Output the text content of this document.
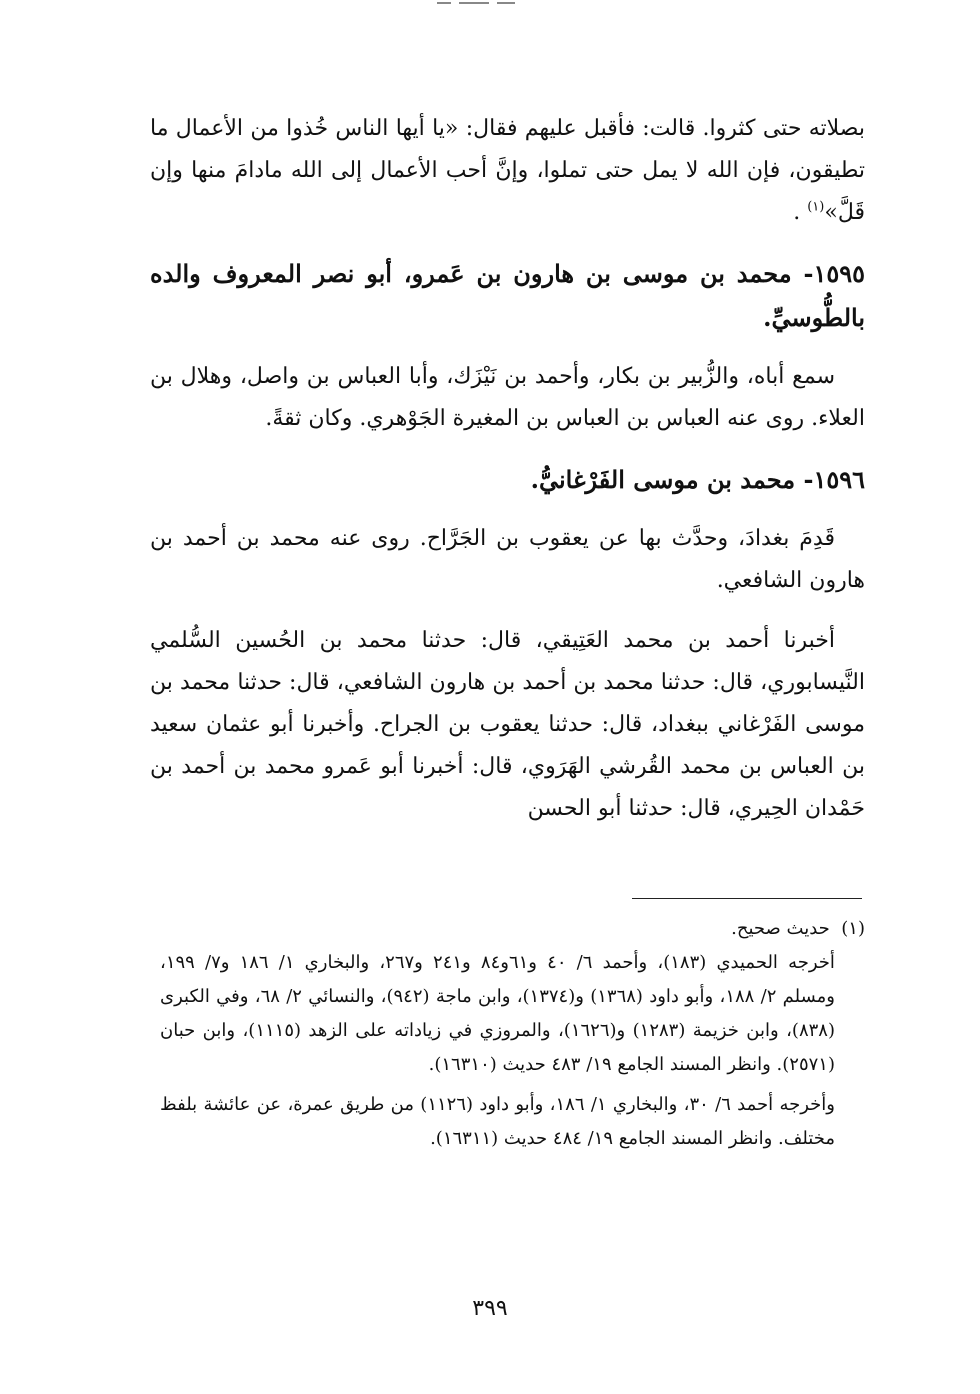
بصلاته حتى كثروا. قالت: فأقبل عليهم فقال: «يا أيها الناس خُذوا من الأعمال ما تطيقون، فإن الله لا يمل حتى تملوا، وإنَّ أحب الأعمال إلى الله مادامَ منها وإن قَلَّ»$^{(١)}$ .

١٥٩٥- محمد بن موسى بن هارون بن عَمرو، أبو نصر المعروف والده بالطُّوسيِّ.

سمع أباه، والزُّبير بن بكار، وأحمد بن نَيْزَك، وأبا العباس بن واصل، وهلال بن العلاء. روى عنه العباس بن العباس بن المغيرة الجَوْهري. وكان ثقةً.

١٥٩٦- محمد بن موسى الفَرْغانيُّ.

قَدِمَ بغدادَ، وحدَّث بها عن يعقوب بن الجَرَّاح. روى عنه محمد بن أحمد بن هارون الشافعي.

أخبرنا أحمد بن محمد العَتِيقي، قال: حدثنا محمد بن الحُسين السُّلمي النَّيسابوري، قال: حدثنا محمد بن أحمد بن هارون الشافعي، قال: حدثنا محمد بن موسى الفَرْغاني ببغداد، قال: حدثنا يعقوب بن الجراح. وأخبرنا أبو عثمان سعيد بن العباس بن محمد القُرشي الهَرَوي، قال: أخبرنا أبو عَمرو محمد بن أحمد بن حَمْدان الحِيري، قال: حدثنا أبو الحسن

(١)  حديث صحيح.

أخرجه الحميدي (١٨٣)، وأحمد ٦/ ٤٠ و٦١و٨٤ و٢٤١ و٢٦٧، والبخاري ١/ ١٨٦ و٧/ ١٩٩، ومسلم ٢/ ١٨٨، وأبو داود (١٣٦٨) و(١٣٧٤)، وابن ماجة (٩٤٢)، والنسائي ٢/ ٦٨، وفي الكبرى (٨٣٨)، وابن خزيمة (١٢٨٣) و(١٦٢٦)، والمروزي في زياداته على الزهد (١١١٥)، وابن حبان (٢٥٧١). وانظر المسند الجامع ١٩/ ٤٨٣ حديث (١٦٣١٠).

وأخرجه أحمد ٦/ ٣٠، والبخاري ١/ ١٨٦، وأبو داود (١١٢٦) من طريق عمرة، عن عائشة بلفظ مختلف. وانظر المسند الجامع ١٩/ ٤٨٤ حديث (١٦٣١١).

٣٩٩
